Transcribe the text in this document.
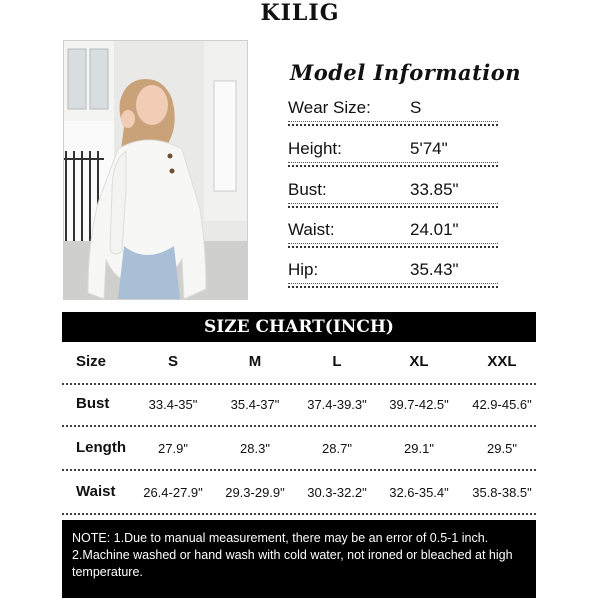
KILIG
Model Information
Wear Size: S
Height:	5'74"
Bust:	33.85"
Waist:	24.01"
Hip:	35.43"
SIZE CHART(INCH)
Size	S	M	L	XL	XXL
Bust	33.4-35"	35.4-37"	37.4-39.3"	39.7-42.5"	42.9-45.6"
Length	27.9"	28.3"	28.7"	29.1"	29.5"
Waist	26.4-27.9"	29.3-29.9"	30.3-32.2"	32.6-35.4"	35.8-38.5"

NOTE: 1.Due to manual measurement, there may be an error of 0.5-1 inch.

2.Machine washed or hand wash with cold water, not ironed or bleached at high temperature.
